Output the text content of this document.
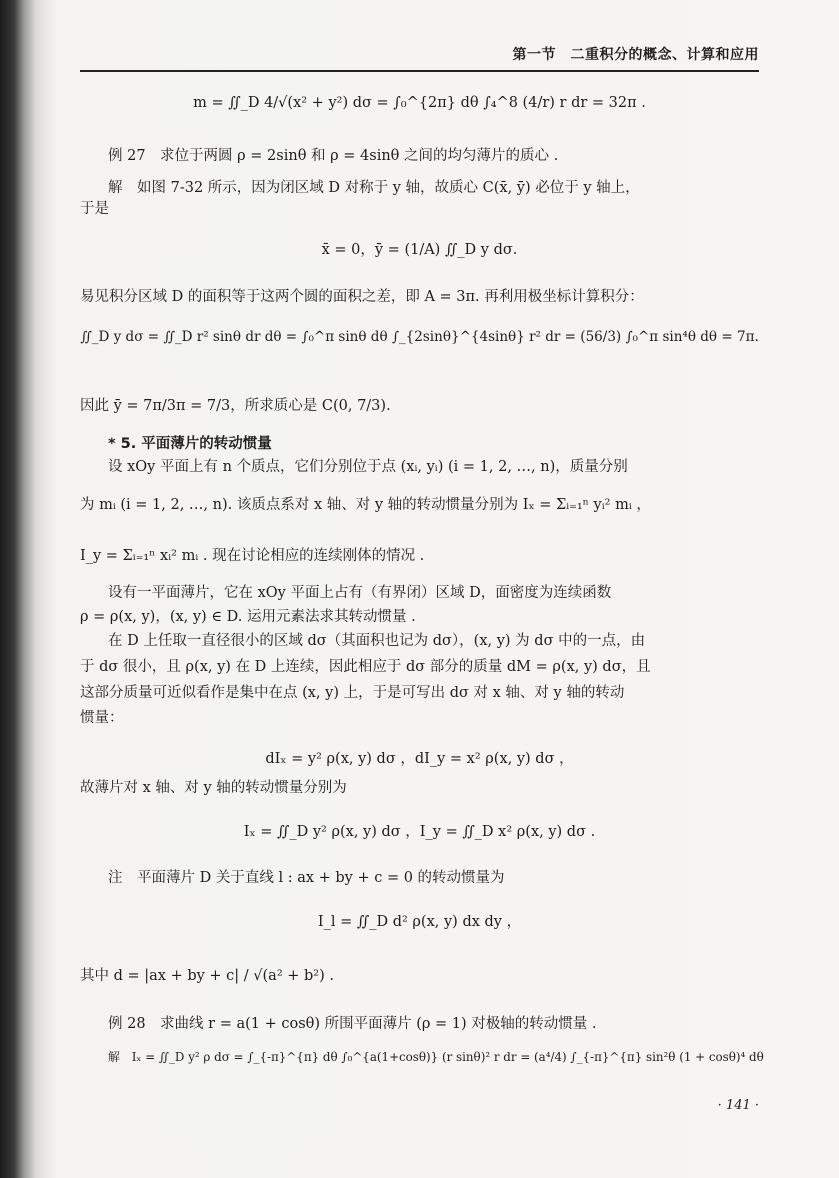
第一节　二重积分的概念、计算和应用
m = ∬_D 4/√(x² + y²) dσ = ∫₀^{2π} dθ ∫₄^8 (4/r) r dr = 32π .
例 27　求位于两圆 ρ = 2sinθ 和 ρ = 4sinθ 之间的均匀薄片的质心 .
解　如图 7-32 所示，因为闭区域 D 对称于 y 轴，故质心 C(x̄, ȳ) 必位于 y 轴上，
于是
x̄ = 0，ȳ = (1/A) ∬_D y dσ.
易见积分区域 D 的面积等于这两个圆的面积之差，即 A = 3π. 再利用极坐标计算积分：
∬_D y dσ = ∬_D r² sinθ dr dθ = ∫₀^π sinθ dθ ∫_{2sinθ}^{4sinθ} r² dr = (56/3) ∫₀^π sin⁴θ dθ = 7π.
因此 ȳ = 7π/3π = 7/3，所求质心是 C(0, 7/3).
* 5. 平面薄片的转动惯量
设 xOy 平面上有 n 个质点，它们分别位于点 (xᵢ, yᵢ) (i = 1, 2, …, n)，质量分别
为 mᵢ (i = 1, 2, …, n). 该质点系对 x 轴、对 y 轴的转动惯量分别为 Iₓ = Σᵢ₌₁ⁿ yᵢ² mᵢ ，
I_y = Σᵢ₌₁ⁿ xᵢ² mᵢ . 现在讨论相应的连续刚体的情况 .
设有一平面薄片，它在 xOy 平面上占有（有界闭）区域 D，面密度为连续函数
ρ = ρ(x, y)，(x, y) ∈ D. 运用元素法求其转动惯量 .
在 D 上任取一直径很小的区域 dσ（其面积也记为 dσ），(x, y) 为 dσ 中的一点，由
于 dσ 很小，且 ρ(x, y) 在 D 上连续，因此相应于 dσ 部分的质量 dM = ρ(x, y) dσ，且
这部分质量可近似看作是集中在点 (x, y) 上，于是可写出 dσ 对 x 轴、对 y 轴的转动
惯量：
dIₓ = y² ρ(x, y) dσ ，dI_y = x² ρ(x, y) dσ ，
故薄片对 x 轴、对 y 轴的转动惯量分别为
Iₓ = ∬_D y² ρ(x, y) dσ ，I_y = ∬_D x² ρ(x, y) dσ .
注　平面薄片 D 关于直线 l : ax + by + c = 0 的转动惯量为
I_l = ∬_D d² ρ(x, y) dx dy ，
其中 d = |ax + by + c| / √(a² + b²) .
例 28　求曲线 r = a(1 + cosθ) 所围平面薄片 (ρ = 1) 对极轴的转动惯量 .
解　Iₓ = ∬_D y² ρ dσ = ∫_{-π}^{π} dθ ∫₀^{a(1+cosθ)} (r sinθ)² r dr = (a⁴/4) ∫_{-π}^{π} sin²θ (1 + cosθ)⁴ dθ
· 141 ·
